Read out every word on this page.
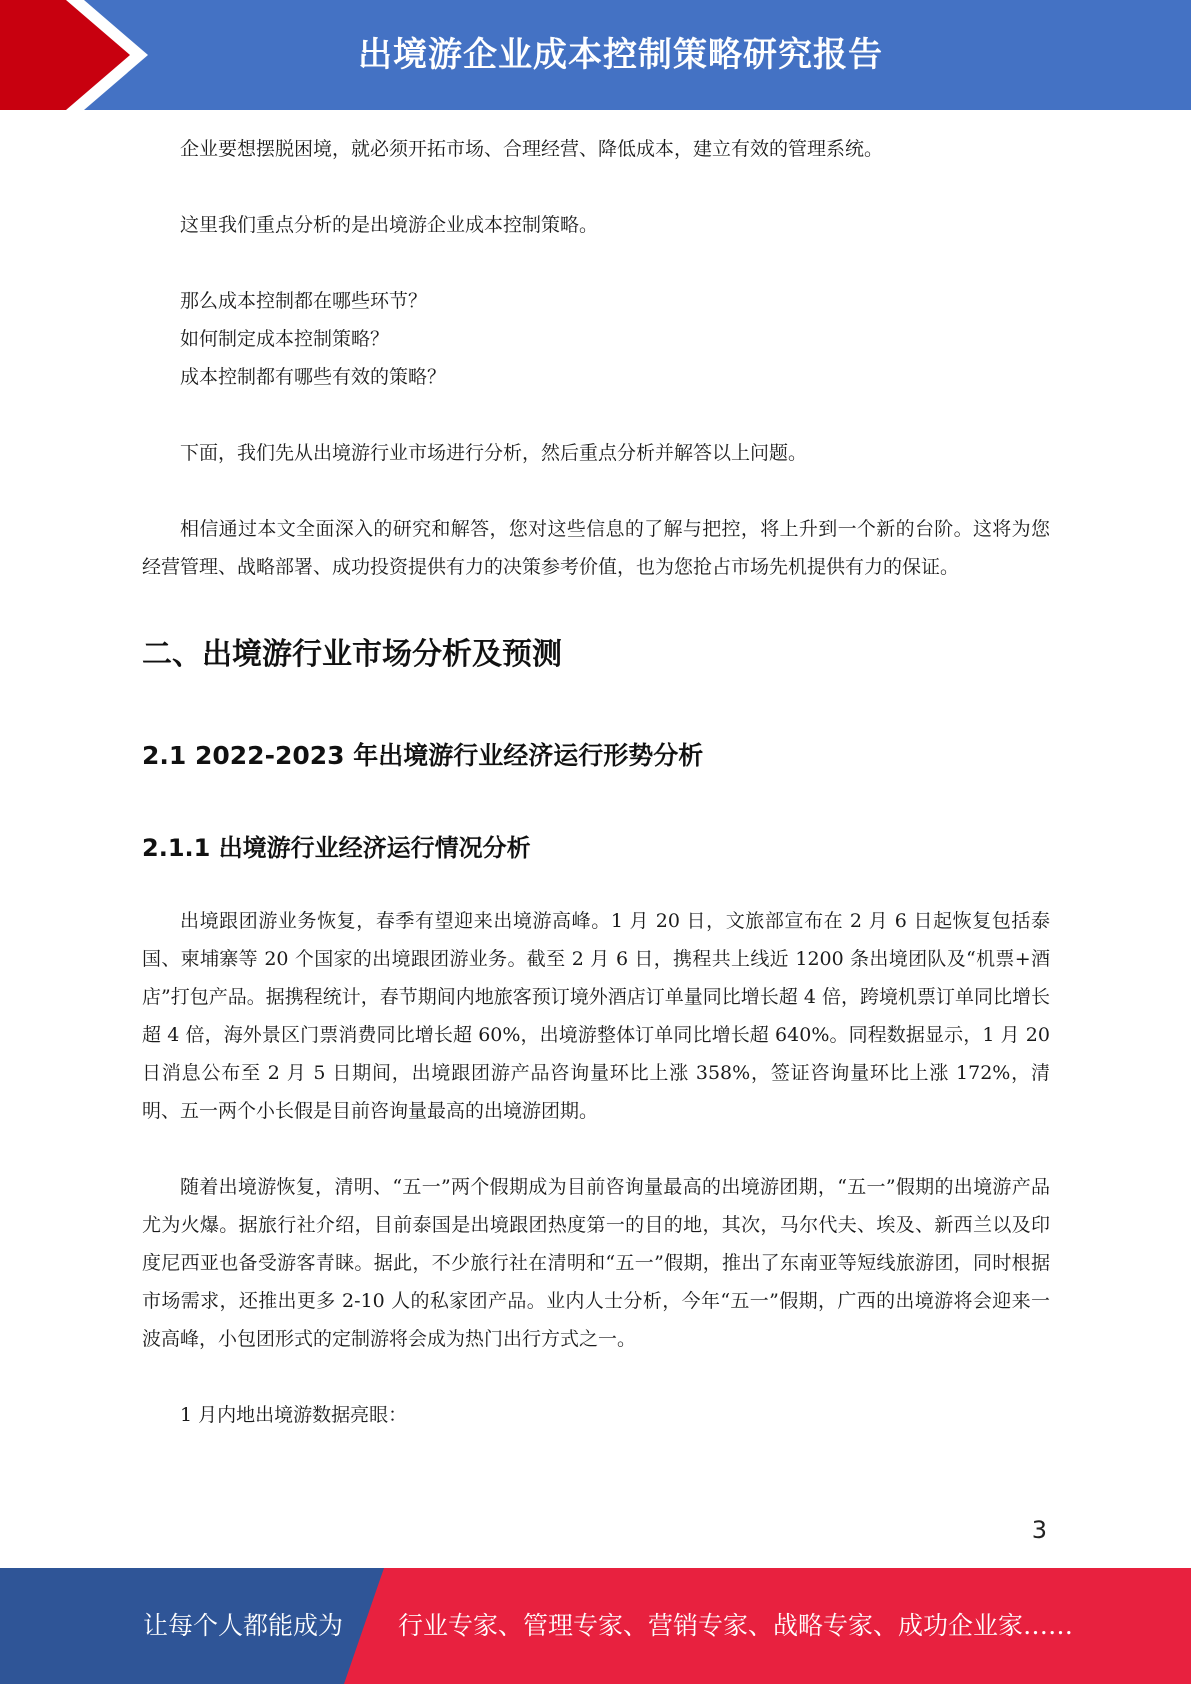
出境游企业成本控制策略研究报告

企业要想摆脱困境，就必须开拓市场、合理经营、降低成本，建立有效的管理系统。

这里我们重点分析的是出境游企业成本控制策略。

那么成本控制都在哪些环节？

如何制定成本控制策略？

成本控制都有哪些有效的策略？

下面，我们先从出境游行业市场进行分析，然后重点分析并解答以上问题。

相信通过本文全面深入的研究和解答，您对这些信息的了解与把控，将上升到一个新的台阶。这将为您经营管理、战略部署、成功投资提供有力的决策参考价值，也为您抢占市场先机提供有力的保证。

二、出境游行业市场分析及预测
2.1 2022-2023 年出境游行业经济运行形势分析
2.1.1 出境游行业经济运行情况分析

出境跟团游业务恢复，春季有望迎来出境游高峰。1 月 20 日，文旅部宣布在 2 月 6 日起恢复包括泰国、柬埔寨等 20 个国家的出境跟团游业务。截至 2 月 6 日，携程共上线近 1200 条出境团队及“机票+酒店”打包产品。据携程统计，春节期间内地旅客预订境外酒店订单量同比增长超 4 倍，跨境机票订单同比增长超 4 倍，海外景区门票消费同比增长超 60%，出境游整体订单同比增长超 640%。同程数据显示，1 月 20 日消息公布至 2 月 5 日期间，出境跟团游产品咨询量环比上涨 358%，签证咨询量环比上涨 172%，清明、五一两个小长假是目前咨询量最高的出境游团期。

随着出境游恢复，清明、“五一”两个假期成为目前咨询量最高的出境游团期，“五一”假期的出境游产品尤为火爆。据旅行社介绍，目前泰国是出境跟团热度第一的目的地，其次，马尔代夫、埃及、新西兰以及印度尼西亚也备受游客青睐。据此，不少旅行社在清明和“五一”假期，推出了东南亚等短线旅游团，同时根据市场需求，还推出更多 2-10 人的私家团产品。业内人士分析，今年“五一”假期，广西的出境游将会迎来一波高峰，小包团形式的定制游将会成为热门出行方式之一。

1 月内地出境游数据亮眼：

3
让每个人都能成为 行业专家、管理专家、营销专家、战略专家、成功企业家……
